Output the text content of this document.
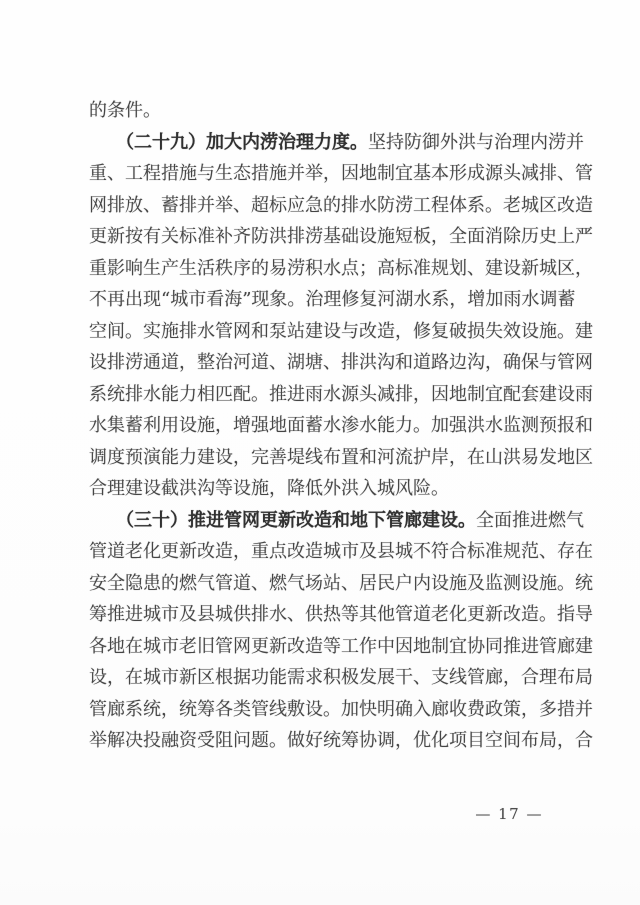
的 条 件 。
（ 二 十 九 ） 加 大 内 涝 治 理 力 度 。 坚 持 防 御 外 洪 与 治 理 内 涝 并
重 、 工 程 措 施 与 生 态 措 施 并 举 ， 因 地 制 宜 基 本 形 成 源 头 减 排 、 管
网 排 放 、 蓄 排 并 举 、 超 标 应 急 的 排 水 防 涝 工 程 体 系 。 老 城 区 改 造
更 新 按 有 关 标 准 补 齐 防 洪 排 涝 基 础 设 施 短 板 ， 全 面 消 除 历 史 上 严
重 影 响 生 产 生 活 秩 序 的 易 涝 积 水 点 ； 高 标 准 规 划 、 建 设 新 城 区 ，
不 再 出 现 “ 城 市 看 海 ” 现 象 。 治 理 修 复 河 湖 水 系 ， 增 加 雨 水 调 蓄
空 间 。 实 施 排 水 管 网 和 泵 站 建 设 与 改 造 ， 修 复 破 损 失 效 设 施 。 建
设 排 涝 通 道 ， 整 治 河 道 、 湖 塘 、 排 洪 沟 和 道 路 边 沟 ， 确 保 与 管 网
系 统 排 水 能 力 相 匹 配 。 推 进 雨 水 源 头 减 排 ， 因 地 制 宜 配 套 建 设 雨
水 集 蓄 利 用 设 施 ， 增 强 地 面 蓄 水 渗 水 能 力 。 加 强 洪 水 监 测 预 报 和
调 度 预 演 能 力 建 设 ， 完 善 堤 线 布 置 和 河 流 护 岸 ， 在 山 洪 易 发 地 区
合 理 建 设 截 洪 沟 等 设 施 ， 降 低 外 洪 入 城 风 险 。
（ 三 十 ） 推 进 管 网 更 新 改 造 和 地 下 管 廊 建 设 。 全 面 推 进 燃 气
管 道 老 化 更 新 改 造 ， 重 点 改 造 城 市 及 县 城 不 符 合 标 准 规 范 、 存 在
安 全 隐 患 的 燃 气 管 道 、 燃 气 场 站 、 居 民 户 内 设 施 及 监 测 设 施 。 统
筹 推 进 城 市 及 县 城 供 排 水 、 供 热 等 其 他 管 道 老 化 更 新 改 造 。 指 导
各 地 在 城 市 老 旧 管 网 更 新 改 造 等 工 作 中 因 地 制 宜 协 同 推 进 管 廊 建
设 ， 在 城 市 新 区 根 据 功 能 需 求 积 极 发 展 干 、 支 线 管 廊 ， 合 理 布 局
管 廊 系 统 ， 统 筹 各 类 管 线 敷 设 。 加 快 明 确 入 廊 收 费 政 策 ， 多 措 并
举 解 决 投 融 资 受 阻 问 题 。 做 好 统 筹 协 调 ， 优 化 项 目 空 间 布 局 ， 合
— 17 —
